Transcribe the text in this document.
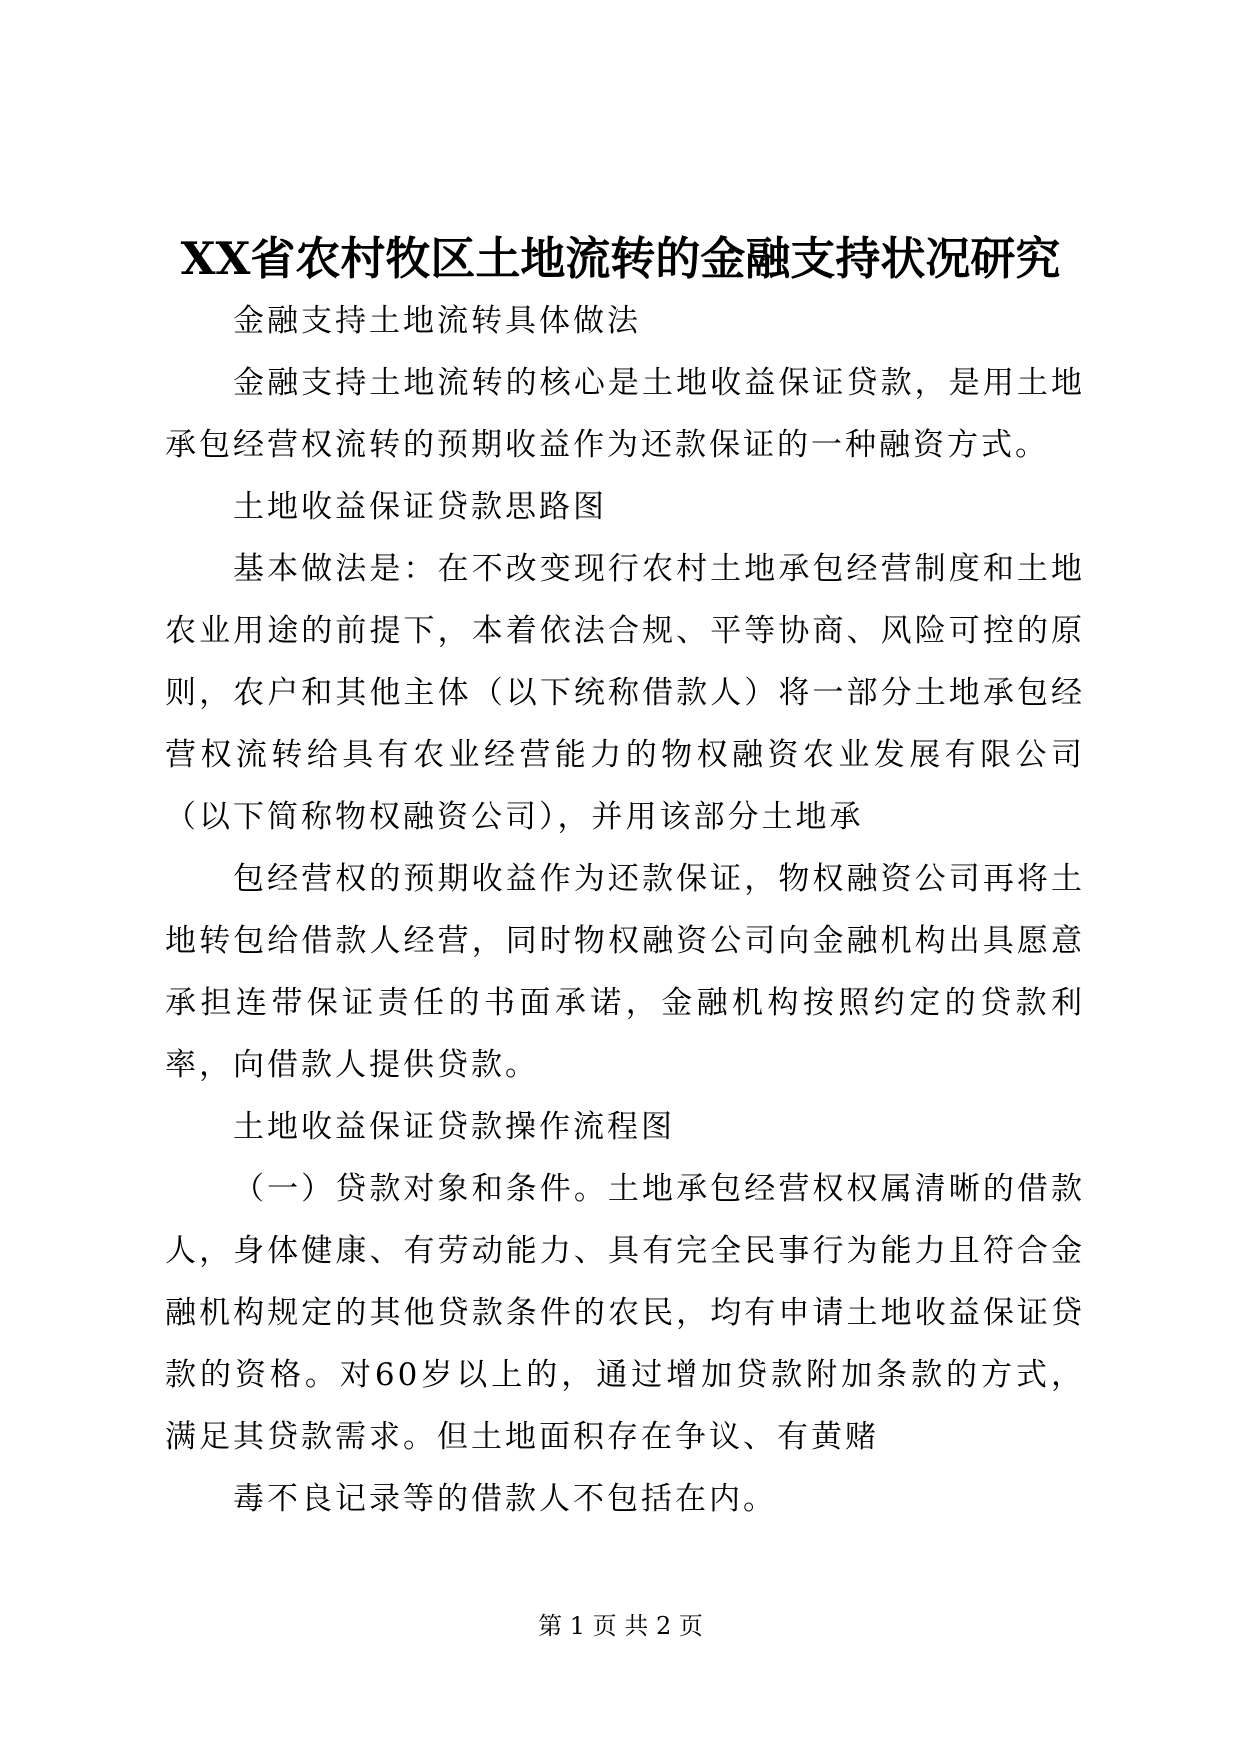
XX省农村牧区土地流转的金融支持状况研究

金融支持土地流转具体做法

金融支持土地流转的核心是土地收益保证贷款，是用土地承包经营权流转的预期收益作为还款保证的一种融资方式。

土地收益保证贷款思路图

基本做法是：在不改变现行农村土地承包经营制度和土地农业用途的前提下，本着依法合规、平等协商、风险可控的原则，农户和其他主体（以下统称借款人）将一部分土地承包经营权流转给具有农业经营能力的物权融资农业发展有限公司（以下简称物权融资公司），并用该部分土地承

包经营权的预期收益作为还款保证，物权融资公司再将土地转包给借款人经营，同时物权融资公司向金融机构出具愿意承担连带保证责任的书面承诺，金融机构按照约定的贷款利率，向借款人提供贷款。

土地收益保证贷款操作流程图

（一）贷款对象和条件。土地承包经营权权属清晰的借款人，身体健康、有劳动能力、具有完全民事行为能力且符合金融机构规定的其他贷款条件的农民，均有申请土地收益保证贷款的资格。对60岁以上的，通过增加贷款附加条款的方式，满足其贷款需求。但土地面积存在争议、有黄赌

毒不良记录等的借款人不包括在内。

第 1 页 共 2 页
